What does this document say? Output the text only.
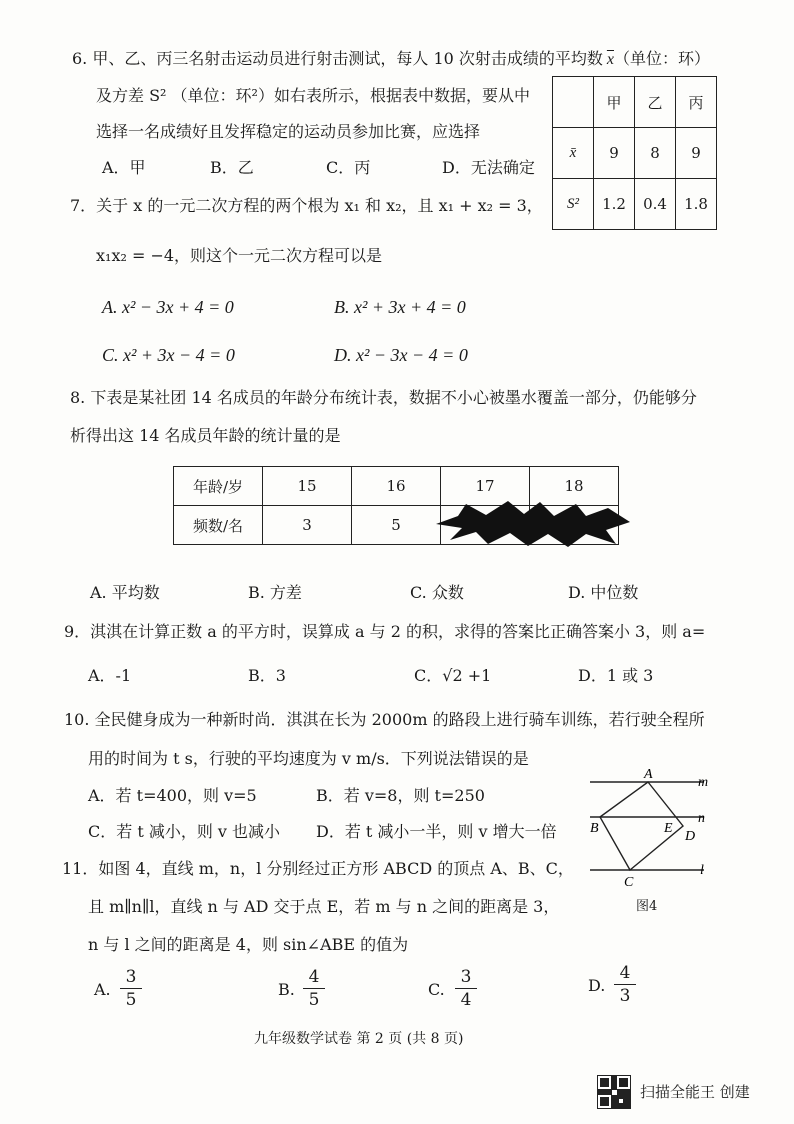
6. 甲、乙、丙三名射击运动员进行射击测试，每人 10 次射击成绩的平均数 $\overline{x}$（单位：环）
及方差 S² （单位：环²）如右表所示，根据表中数据，要从中
选择一名成绩好且发挥稳定的运动员参加比赛，应选择
A．甲	B．乙	C．丙	D．无法确定
	甲	乙	丙
x̄	9	8	9
S²	1.2	0.4	1.8
7．关于 x 的一元二次方程的两个根为 x₁ 和 x₂，且 x₁ + x₂ = 3，
x₁x₂ = −4，则这个一元二次方程可以是
A. x² − 3x + 4 = 0	B. x² + 3x + 4 = 0
C. x² + 3x − 4 = 0	D. x² − 3x − 4 = 0
8. 下表是某社团 14 名成员的年龄分布统计表，数据不小心被墨水覆盖一部分，仍能够分
析得出这 14 名成员年龄的统计量的是
年龄/岁	15	16	17	18
频数/名	3	5		
A. 平均数	B. 方差	C. 众数	D. 中位数
9．淇淇在计算正数 a 的平方时，误算成 a 与 2 的积，求得的答案比正确答案小 3，则 a=
A．-1	B．3	C．√2 +1	D．1 或 3
10. 全民健身成为一种新时尚．淇淇在长为 2000m 的路段上进行骑车训练，若行驶全程所
用的时间为 t s，行驶的平均速度为 v m/s．下列说法错误的是
A．若 t=400，则 v=5	B．若 v=8，则 t=250
C．若 t 减小，则 v 也减小 D．若 t 减小一半，则 v 增大一倍
11．如图 4，直线 m，n，l 分别经过正方形 ABCD 的顶点 A、B、C，
且 m∥n∥l，直线 n 与 AD 交于点 E，若 m 与 n 之间的距离是 3，
n 与 l 之间的距离是 4，则 sin∠ABE 的值为
A.
3
5
B.
4
5
C.
3
4
D.
4
3
A
m
n
B	E
D
C
l
图4
九年级数学试卷 第 2 页 (共 8 页)
扫描全能王 创建
